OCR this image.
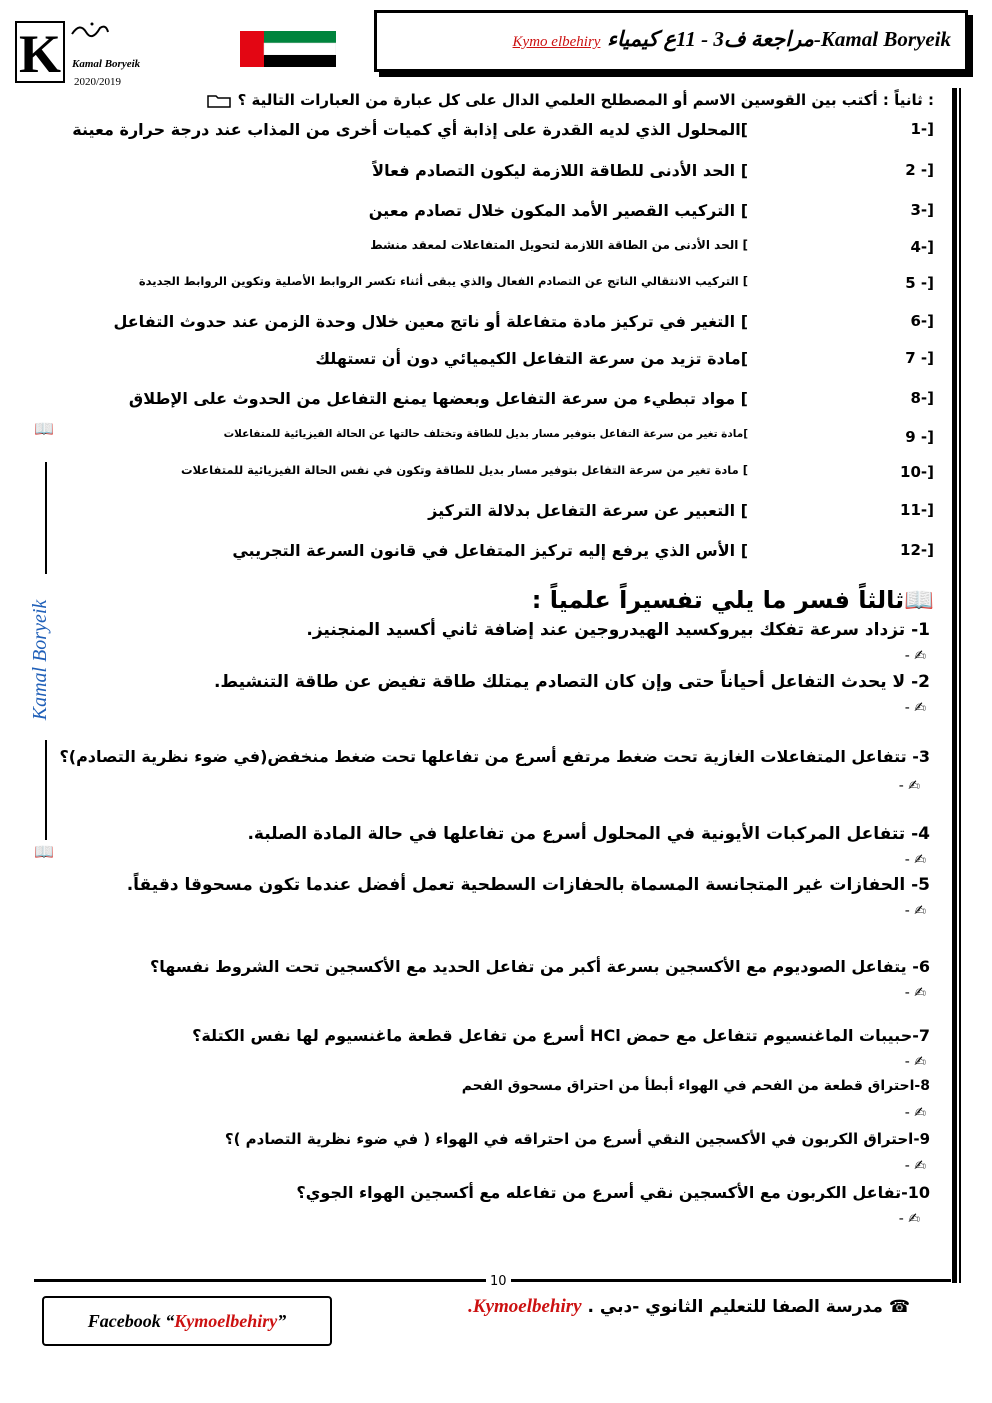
K Kamal Boryeik
2020/2019
Kamal Boryeik-مراجعة ف3 - 11ع كيمياء Kymo elbehiry
📖
Kamal Boryeik
📖
: ثانياً : أكتب بين القوسين الاسم أو المصطلح العلمي الدال على كل عبارة من العبارات التالية ؟
1-]
]المحلول الذي لديه القدرة على إذابة أي كميات أخرى من المذاب عند درجة حرارة معينة
2 -]
] الحد الأدنى للطاقة اللازمة ليكون التصادم فعالاً
3-]
] التركيب القصير الأمد المكون خلال تصادم معين
4-]
] الحد الأدنى من الطاقة اللازمة لتحويل المتفاعلات لمعقد منشط
5 -]
] التركيب الانتقالي الناتج عن التصادم الفعال والذي يبقى أثناء تكسر الروابط الأصلية وتكوين الروابط الجديدة
6-]
] التغير في تركيز مادة متفاعلة أو ناتج معين خلال وحدة الزمن عند حدوث التفاعل
7 -]
]مادة تزيد من سرعة التفاعل الكيميائي دون أن تستهلك
8-]
] مواد تبطيء من سرعة التفاعل وبعضها يمنع التفاعل من الحدوث على الإطلاق
9 -]
]مادة تغير من سرعة التفاعل بتوفير مسار بديل للطاقة وتختلف حالتها عن الحالة الفيزيائية للمتفاعلات
10-]
] مادة تغير من سرعة التفاعل بتوفير مسار بديل للطاقة وتكون في نفس الحالة الفيزيائية للمتفاعلات
11-]
] التعبير عن سرعة التفاعل بدلالة التركيز
12-]
] الأس الذي يرفع إليه تركيز المتفاعل في قانون السرعة التجريبي
📖ثالثاً فسر ما يلي تفسيراً علمياً :
1- تزداد سرعة تفكك بيروكسيد الهيدروجين عند إضافة ثاني أكسيد المنجنيز.
✍ -
2- لا يحدث التفاعل أحياناً حتى وإن كان التصادم يمتلك طاقة تفيض عن طاقة التنشيط.
✍ -
3- تتفاعل المتفاعلات الغازية تحت ضغط مرتفع أسرع من تفاعلها تحت ضغط منخفض(في ضوء نظرية التصادم)؟
✍ -
4- تتفاعل المركبات الأيونية في المحلول أسرع من تفاعلها في حالة المادة الصلبة.
✍ -
5- الحفازات غير المتجانسة المسماة بالحفازات السطحية تعمل أفضل عندما تكون مسحوقا دقيقاً.
✍ -
6- يتفاعل الصوديوم مع الأكسجين بسرعة أكبر من تفاعل الحديد مع الأكسجين تحت الشروط نفسها؟
✍ -
7-حبيبات الماغنسيوم تتفاعل مع حمض HCl أسرع من تفاعل قطعة ماغنسيوم لها نفس الكتلة؟
✍ -
8-احتراق قطعة من الفحم في الهواء أبطأ من احتراق مسحوق الفحم
✍ -
9-احتراق الكربون في الأكسجين النقي أسرع من احتراقه في الهواء ( في ضوء نظرية التصادم )؟
✍ -
10-تفاعل الكربون مع الأكسجين نقي أسرع من تفاعله مع أكسجين الهواء الجوي؟
✍ -
10
Facebook “Kymoelbehiry”
☎ مدرسة الصفا للتعليم الثانوي -دبي . Kymoelbehiry.
